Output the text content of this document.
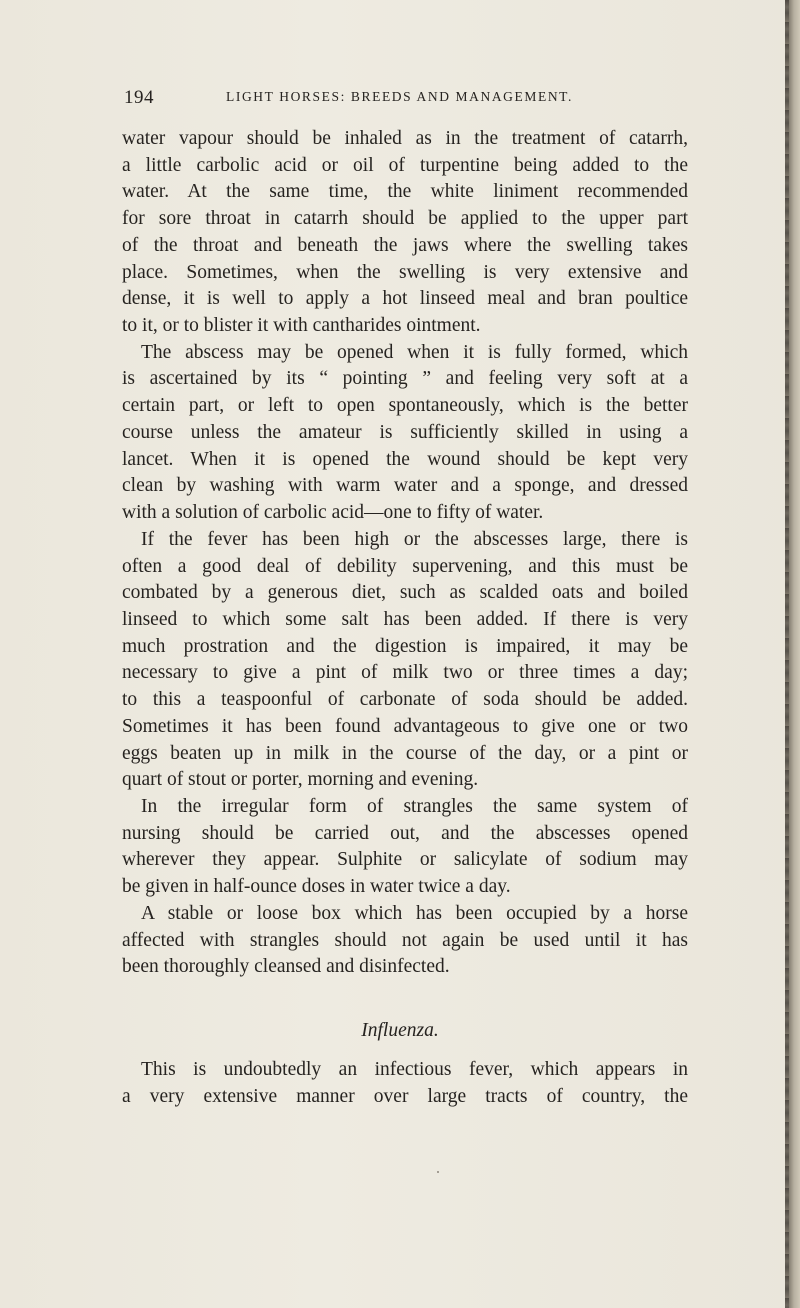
194	LIGHT HORSES: BREEDS AND MANAGEMENT.
water vapour should be inhaled as in the treatment of catarrh,
a little carbolic acid or oil of turpentine being added to the
water. At the same time, the white liniment recommended
for sore throat in catarrh should be applied to the upper part
of the throat and beneath the jaws where the swelling takes
place. Sometimes, when the swelling is very extensive and
dense, it is well to apply a hot linseed meal and bran poultice
to it, or to blister it with cantharides ointment.
The abscess may be opened when it is fully formed, which
is ascertained by its “ pointing ” and feeling very soft at a
certain part, or left to open spontaneously, which is the better
course unless the amateur is sufficiently skilled in using a
lancet. When it is opened the wound should be kept very
clean by washing with warm water and a sponge, and dressed
with a solution of carbolic acid—one to fifty of water.
If the fever has been high or the abscesses large, there is
often a good deal of debility supervening, and this must be
combated by a generous diet, such as scalded oats and boiled
linseed to which some salt has been added. If there is very
much prostration and the digestion is impaired, it may be
necessary to give a pint of milk two or three times a day;
to this a teaspoonful of carbonate of soda should be added.
Sometimes it has been found advantageous to give one or two
eggs beaten up in milk in the course of the day, or a pint or
quart of stout or porter, morning and evening.
In the irregular form of strangles the same system of
nursing should be carried out, and the abscesses opened
wherever they appear. Sulphite or salicylate of sodium may
be given in half-ounce doses in water twice a day.
A stable or loose box which has been occupied by a horse
affected with strangles should not again be used until it has
been thoroughly cleansed and disinfected.
Influenza.
This is undoubtedly an infectious fever, which appears in
a very extensive manner over large tracts of country, the
